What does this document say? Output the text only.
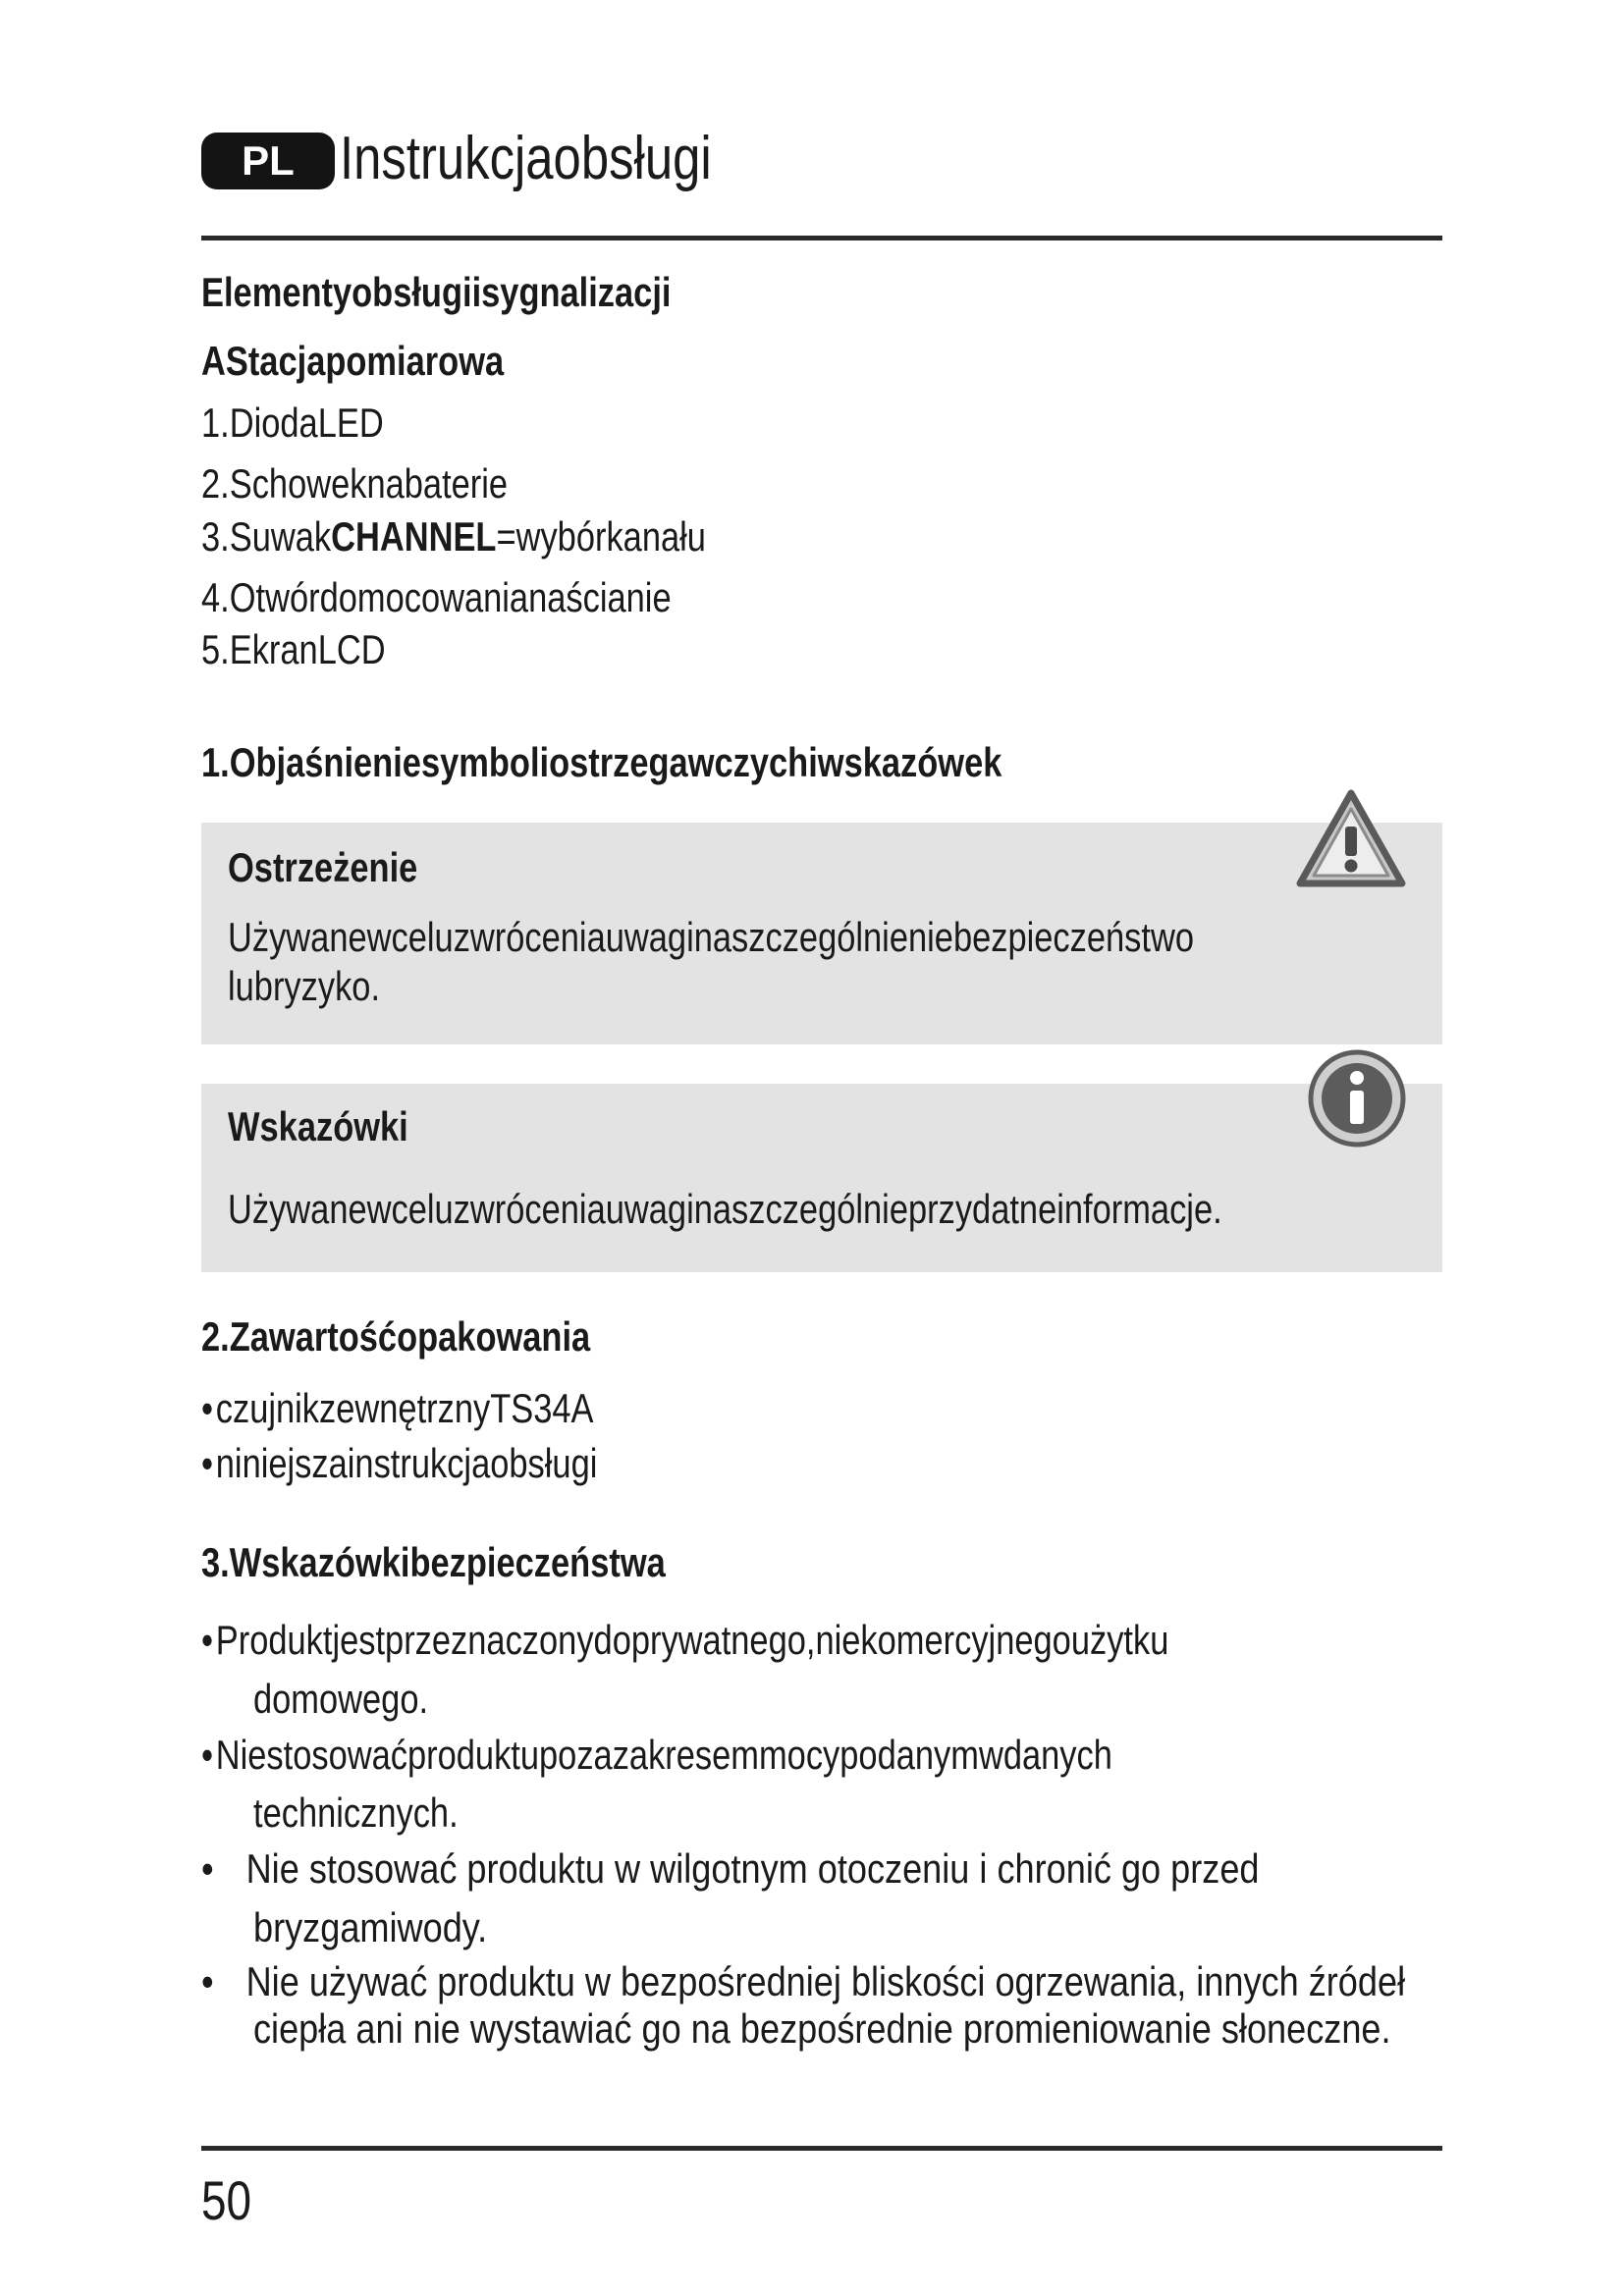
PL Instrukcjaobsługi
Elementyobsługiisygnalizacji
AStacjapomiarowa
1.DiodaLED
2.Schoweknabaterie
3.SuwakCHANNEL=wybórkanału
4.Otwórdomocowanianaścianie
5.EkranLCD
1.Objaśnieniesymboliostrzegawczychiwskazówek
Ostrzeżenie
Używanewceluzwróceniauwaginaszczególnieniebezpieczeństwo
lubryzyko.
Wskazówki
Używanewceluzwróceniauwaginaszczególnieprzydatneinformacje.
2.Zawartośćopakowania
•czujnikzewnętrznyTS34A
•niniejszainstrukcjaobsługi
3.Wskazówkibezpieczeństwa
•Produktjestprzeznaczonydoprywatnego,niekomercyjnegoużytku
domowego.
•Niestosowaćproduktupozazakresemmocypodanymwdanych
technicznych.
• Nie stosować produktu w wilgotnym otoczeniu i chronić go przed
bryzgamiwody.
• Nie używać produktu w bezpośredniej bliskości ogrzewania, innych źródeł
ciepła ani nie wystawiać go na bezpośrednie promieniowanie słoneczne.
50
